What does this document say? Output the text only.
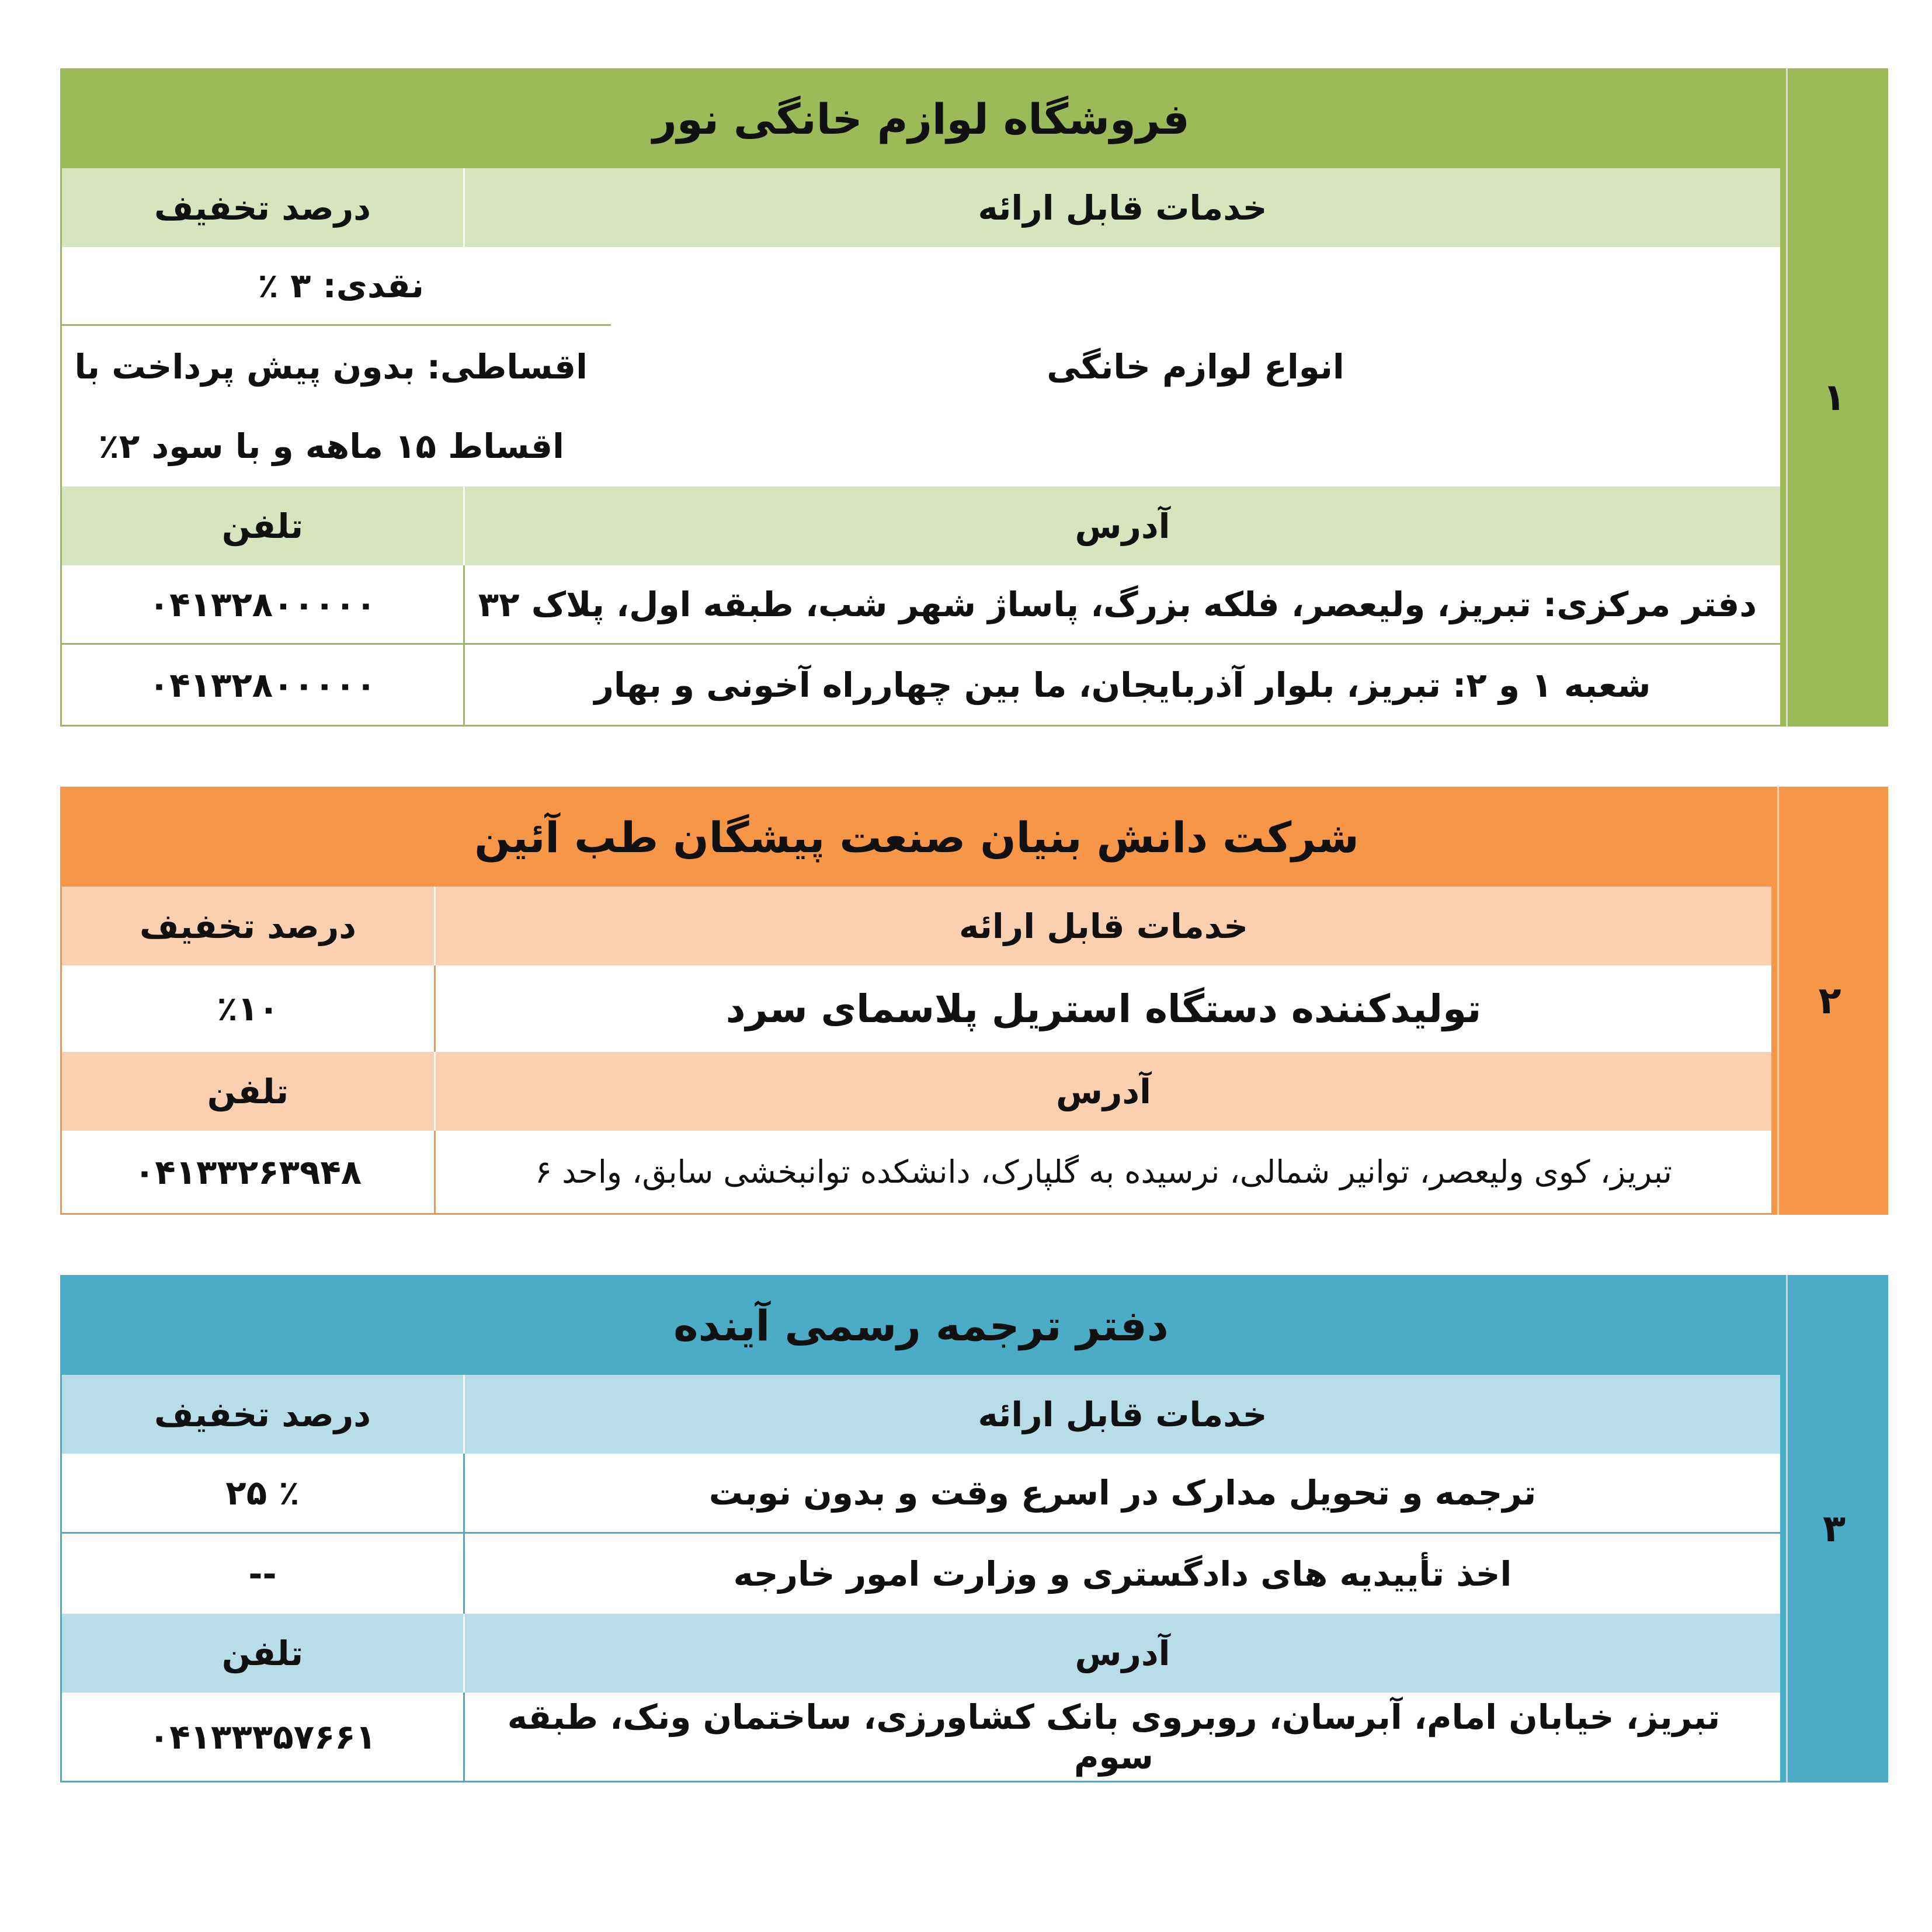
فروشگاه لوازم خانگی نور
خدمات قابل ارائه
درصد تخفیف
انواع لوازم خانگی
نقدی: ۳ ٪
اقساطی: بدون پیش پرداخت با
اقساط ۱۵ ماهه و با سود ۲٪
آدرس
تلفن
دفتر مرکزی: تبریز، ولیعصر، فلکه بزرگ، پاساژ شهر شب، طبقه اول، پلاک ۳۲
۰۴۱۳۲۸۰۰۰۰۰
شعبه ۱ و ۲: تبریز، بلوار آذربایجان، ما بین چهارراه آخونی و بهار
۰۴۱۳۲۸۰۰۰۰۰
۱
شرکت دانش بنیان صنعت پیشگان طب آئین
خدمات قابل ارائه
درصد تخفیف
تولیدکننده دستگاه استریل پلاسمای سرد
٪۱۰
آدرس
تلفن
تبریز، کوی ولیعصر، توانیر شمالی، نرسیده به گلپارک، دانشکده توانبخشی سابق، واحد ۶
۰۴۱۳۳۲۶۳۹۴۸
۲
دفتر ترجمه رسمی آینده
خدمات قابل ارائه
درصد تخفیف
ترجمه و تحویل مدارک در اسرع وقت و بدون نوبت
٪ ۲۵
اخذ تأییدیه های دادگستری و وزارت امور خارجه
--
آدرس
تلفن
تبریز، خیابان امام، آبرسان، روبروی بانک کشاورزی، ساختمان ونک، طبقه سوم
۰۴۱۳۳۳۵۷۶۶۱
۳
